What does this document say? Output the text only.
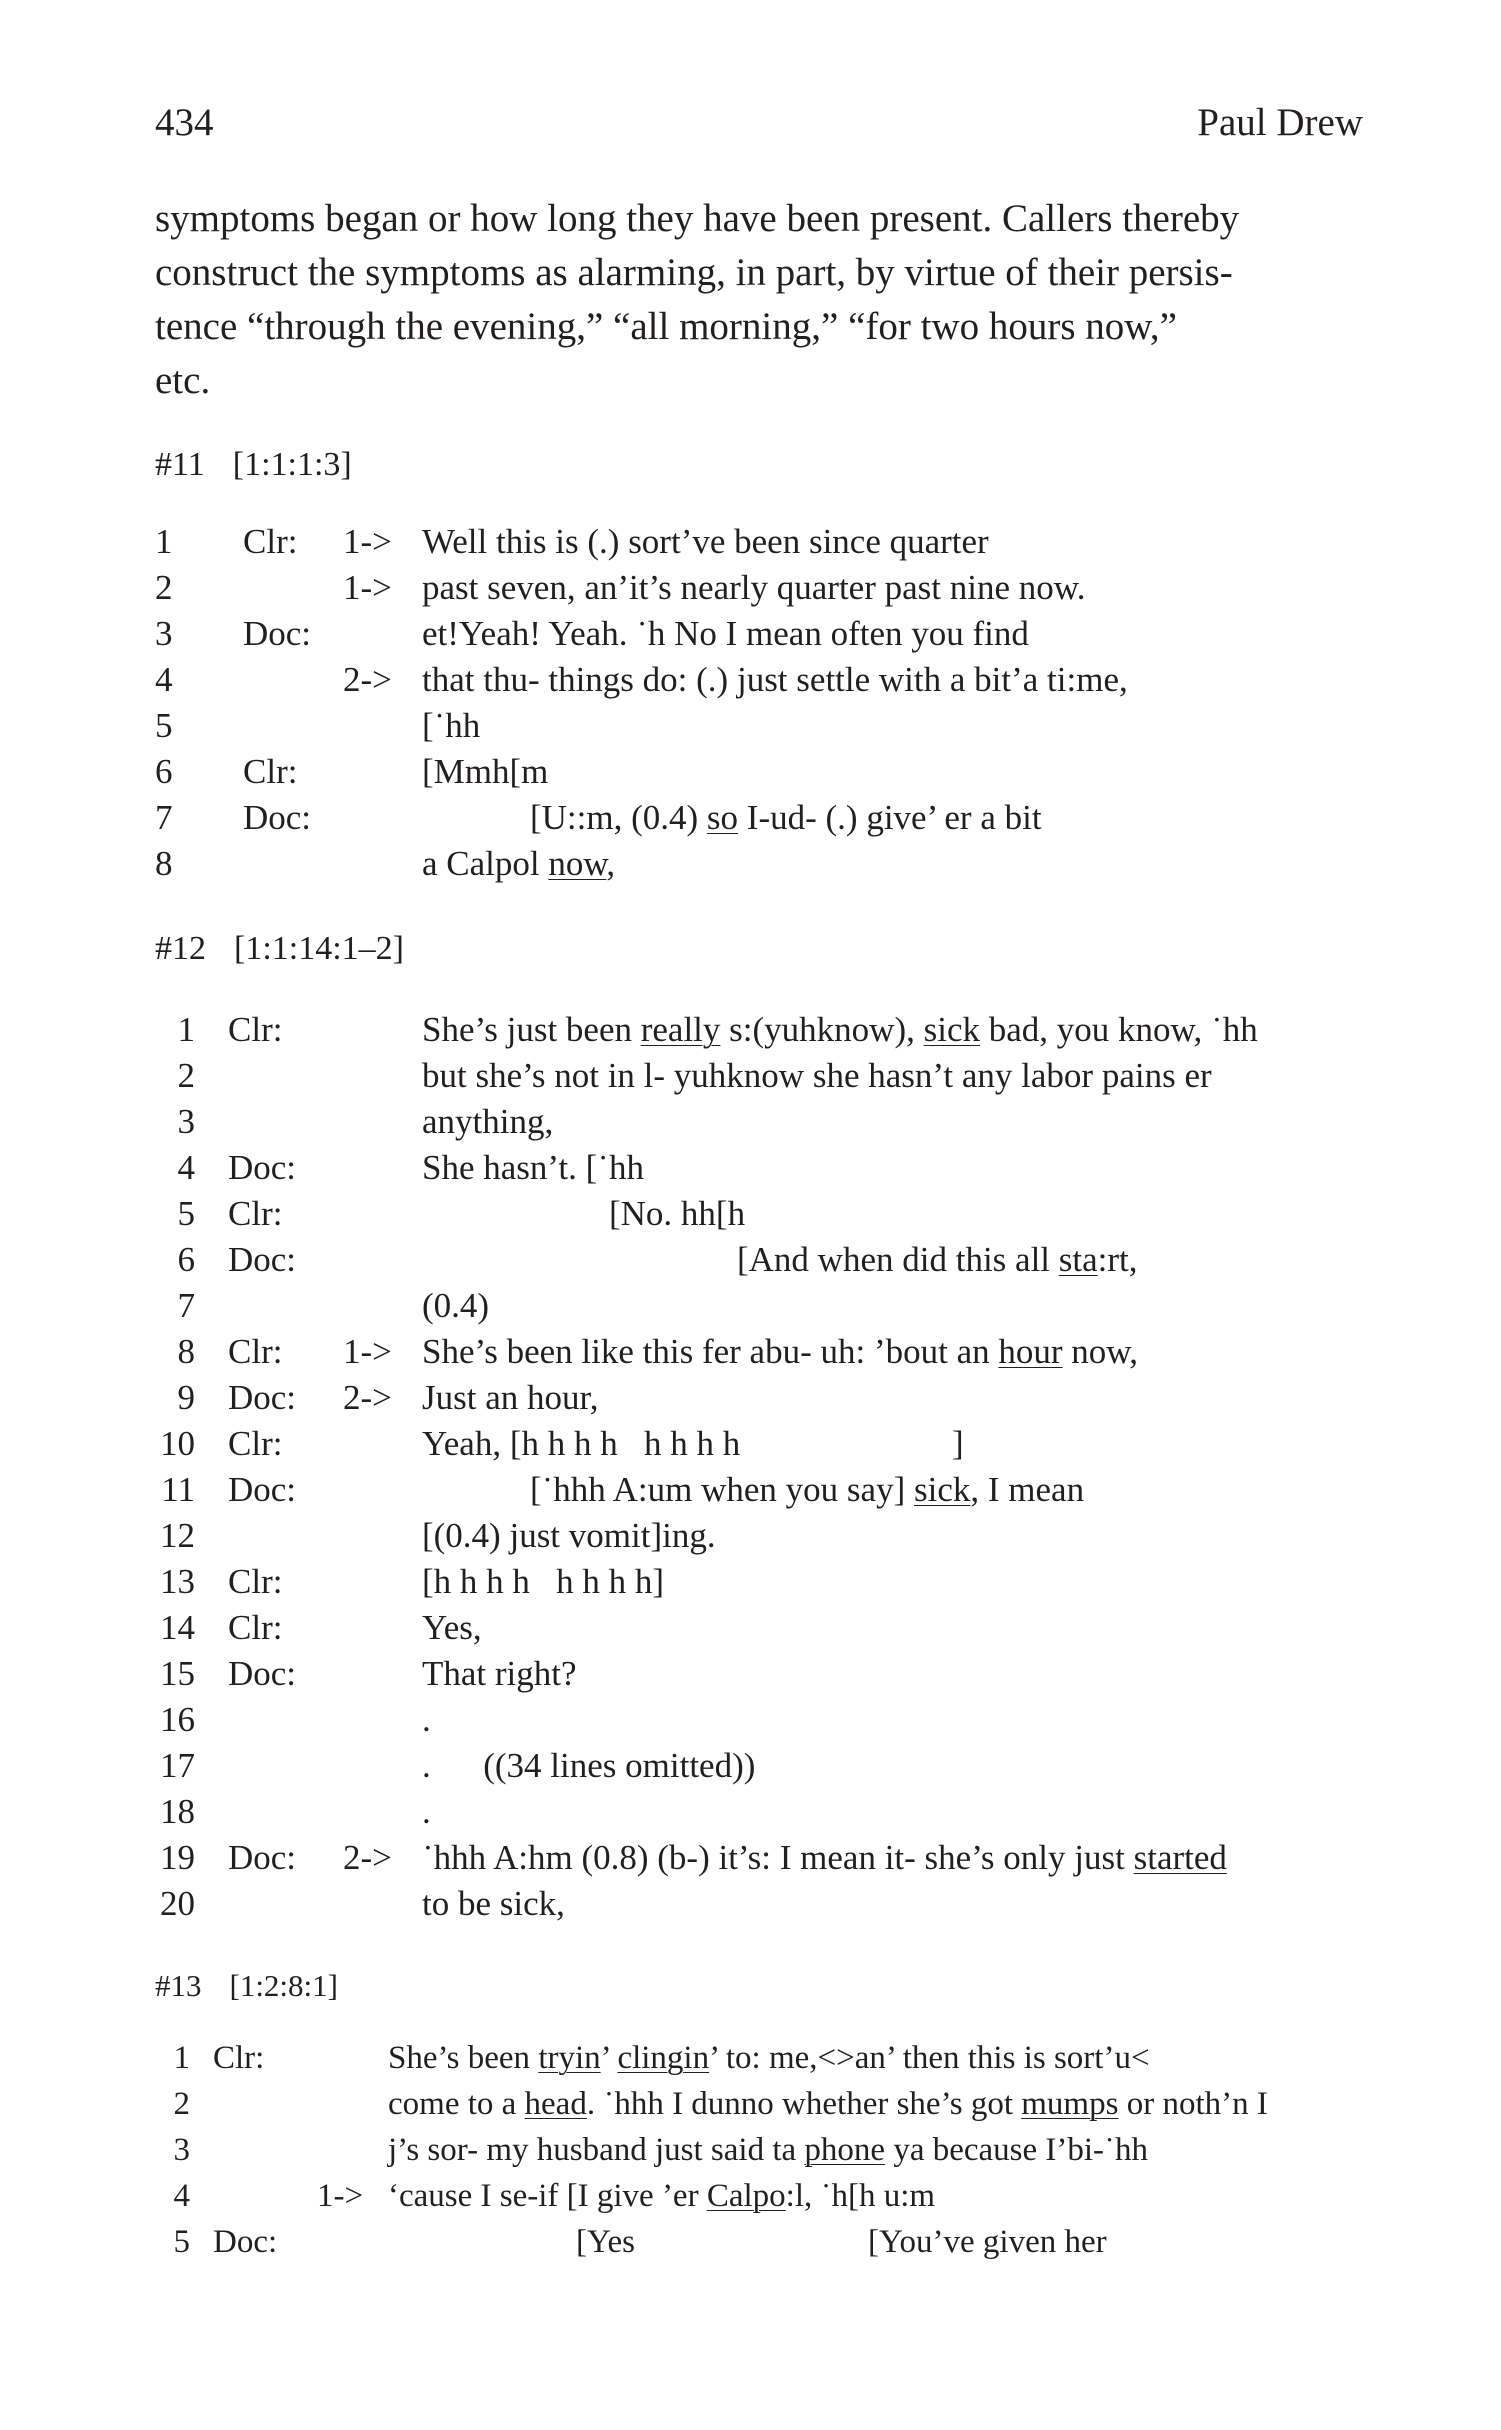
434	Paul Drew
symptoms began or how long they have been present. Callers thereby
construct the symptoms as alarming, in part, by virtue of their persis-
tence “through the evening,” “all morning,” “for two hours now,”
etc.
#11 [1:1:1:3]
1 Clr: 1-> Well this is (.) sort’ve been since quarter
2	1-> past seven, an’it’s nearly quarter past nine now.
3 Doc:	et!Yeah! Yeah. ˙h No I mean often you find
4	2-> that thu- things do: (.) just settle with a bit’a ti:me,
5	[˙hh
6 Clr:	[Mmh[m
7 Doc:	[U::m, (0.4) so I-ud- (.) give’ er a bit
8	a Calpol now,
#12 [1:1:14:1–2]
1 Clr:	She’s just been really s:(yuhknow), sick bad, you know, ˙hh
2	but she’s not in l- yuhknow she hasn’t any labor pains er
3	anything,
4 Doc:	She hasn’t. [˙hh
5 Clr:	[No. hh[h
6 Doc:	[And when did this all sta:rt,
7	(0.4)
8 Clr: 1-> She’s been like this fer abu- uh: ’bout an hour now,
9 Doc: 2-> Just an hour,
10 Clr:	Yeah, [h h h h   h h h h	]
11 Doc:	[˙hhh A:um when you say] sick, I mean
12	[(0.4) just vomit]ing.
13 Clr:	[h h h h   h h h h]
14 Clr:	Yes,
15 Doc:	That right?
16	.
17	.      ((34 lines omitted))
18	.
19 Doc: 2-> ˙hhh A:hm (0.8) (b-) it’s: I mean it- she’s only just started
20	to be sick,
#13 [1:2:8:1]
1 Clr:	She’s been tryin’ clingin’ to: me,<>an’ then this is sort’u<
2	come to a head. ˙hhh I dunno whether she’s got mumps or noth’n I
3	j’s sor- my husband just said ta phone ya because I’bi-˙hh
4	1-> ‘cause I se-if [I give ’er Calpo:l, ˙h[h u:m
5 Doc:	[Yes	[You’ve given her
